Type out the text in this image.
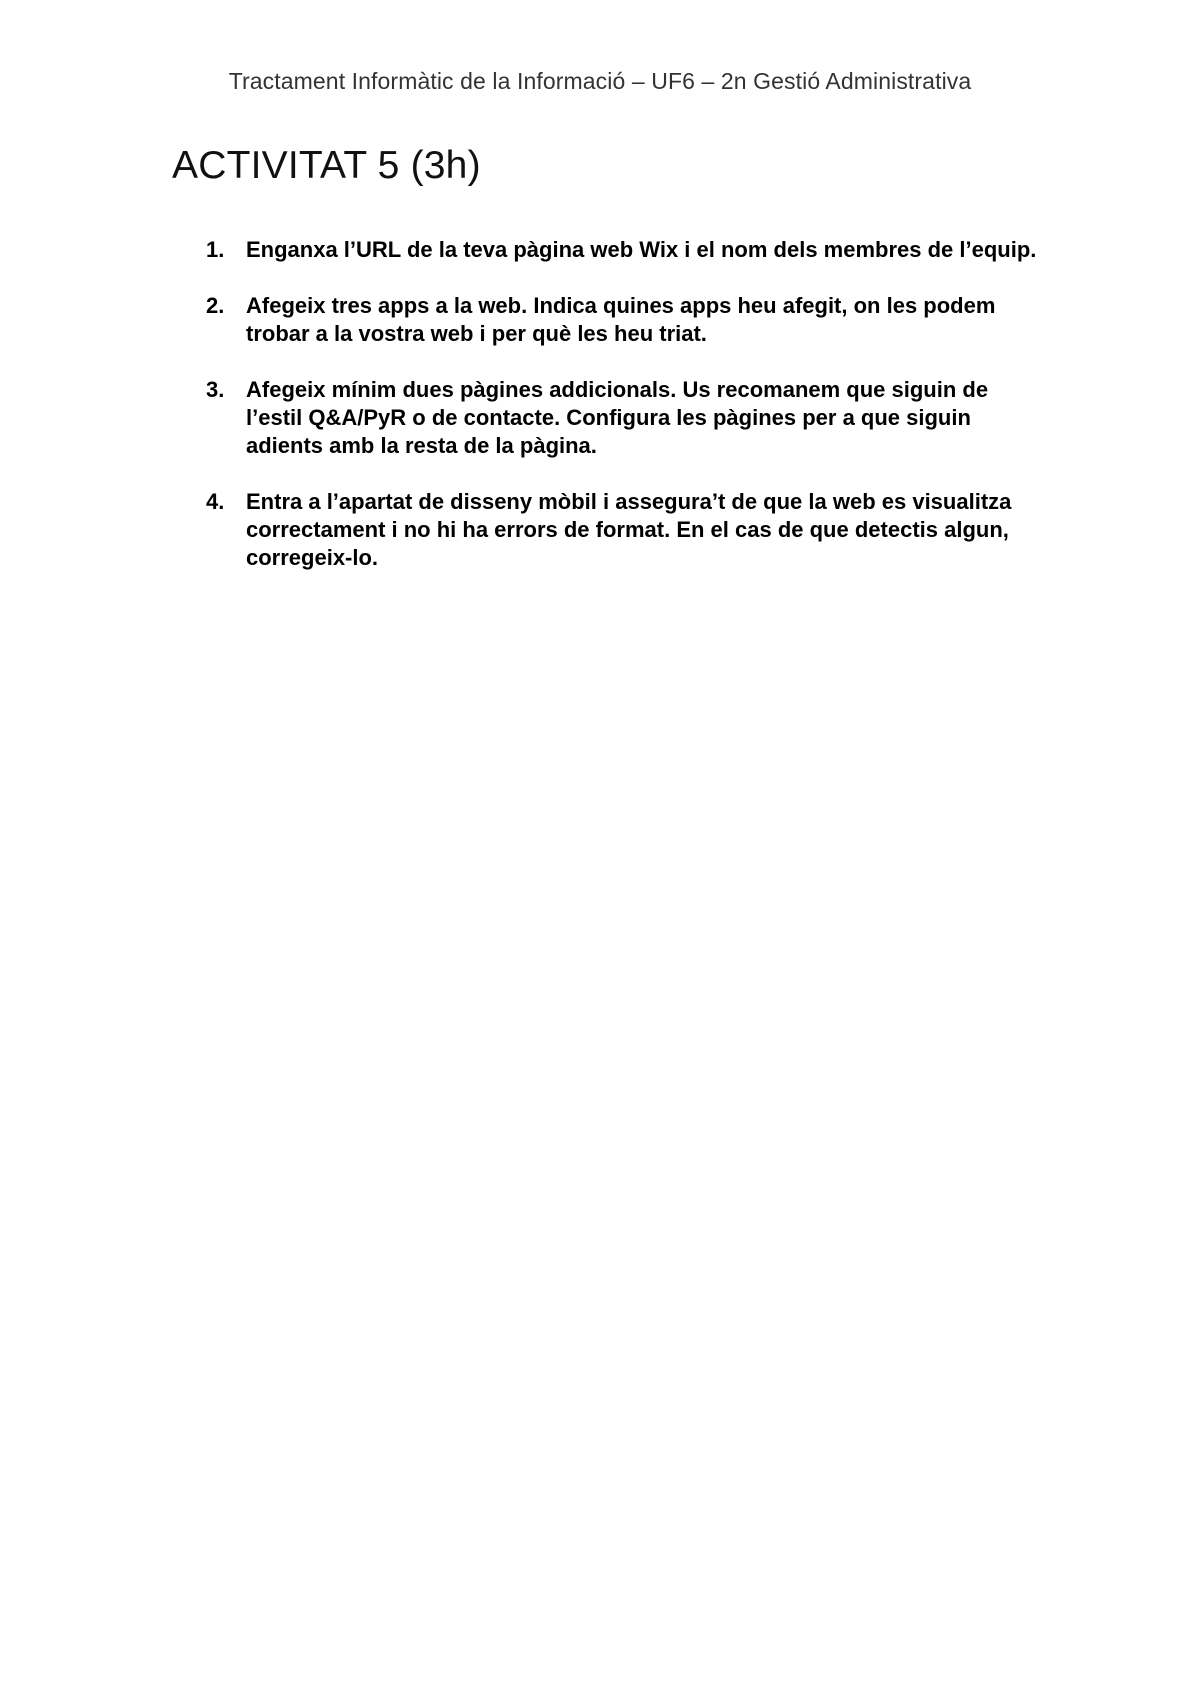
Tractament Informàtic de la Informació – UF6 – 2n Gestió Administrativa
ACTIVITAT 5 (3h)
1. Enganxa l’URL de la teva pàgina web Wix i el nom dels membres de l’equip.
2. Afegeix tres apps a la web. Indica quines apps heu afegit, on les podem trobar a la vostra web i per què les heu triat.
3. Afegeix mínim dues pàgines addicionals. Us recomanem que siguin de l’estil Q&A/PyR o de contacte. Configura les pàgines per a que siguin adients amb la resta de la pàgina.
4. Entra a l’apartat de disseny mòbil i assegura’t de que la web es visualitza correctament i no hi ha errors de format. En el cas de que detectis algun, corregeix-lo.
